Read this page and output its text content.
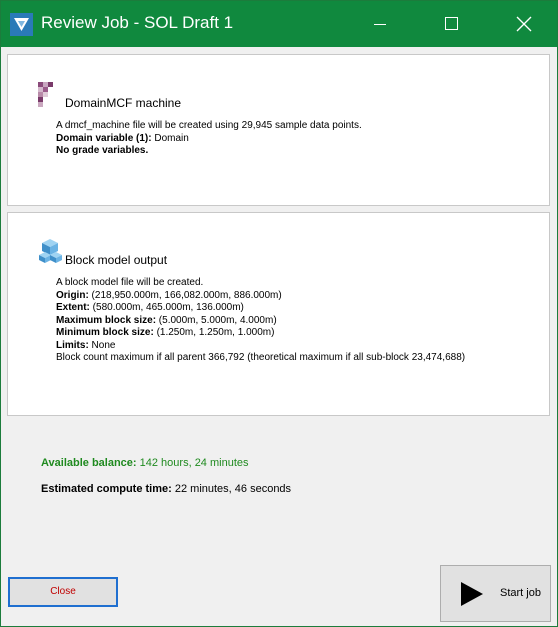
Review Job - SOL Draft 1
DomainMCF machine
A dmcf_machine file will be created using 29,945 sample data points.
Domain variable (1): Domain
No grade variables.
Block model output
A block model file will be created.
Origin: (218,950.000m, 166,082.000m, 886.000m)
Extent: (580.000m, 465.000m, 136.000m)
Maximum block size: (5.000m, 5.000m, 4.000m)
Minimum block size: (1.250m, 1.250m, 1.000m)
Limits: None
Block count maximum if all parent 366,792 (theoretical maximum if all sub-block 23,474,688)
Available balance: 142 hours, 24 minutes
Estimated compute time: 22 minutes, 46 seconds
Close	Start job
